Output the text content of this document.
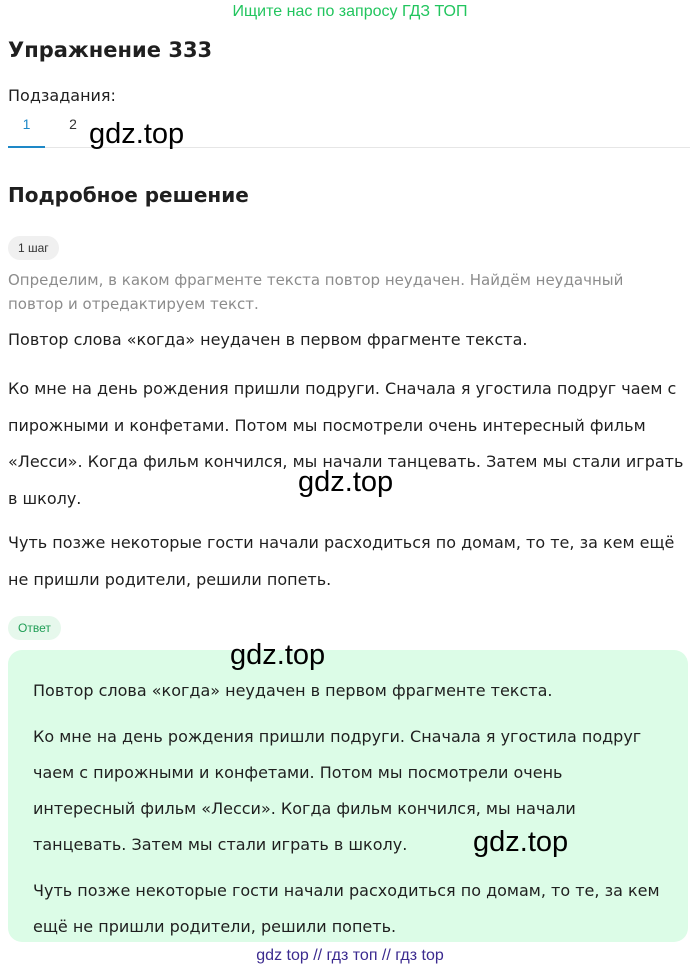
Ищите нас по запросу ГДЗ ТОП
Упражнение 333
Подзадания:
1	2 gdz.top
Подробное решение
1 шаг

Определим, в каком фрагменте текста повтор неудачен. Найдём неудачный повтор и отредактируем текст.

Повтор слова «когда» неудачен в первом фрагменте текста.

Ко мне на день рождения пришли подруги. Сначала я угостила подруг чаем с пирожными и конфетами. Потом мы посмотрели очень интересный фильм «Лесси». Когда фильм кончился, мы начали танцевать. Затем мы стали играть в школу.

Чуть позже некоторые гости начали расходиться по домам, то те, за кем ещё не пришли родители, решили попеть.

gdz.top
Ответ
gdz.top

Повтор слова «когда» неудачен в первом фрагменте текста.

Ко мне на день рождения пришли подруги. Сначала я угостила подруг чаем с пирожными и конфетами. Потом мы посмотрели очень интересный фильм «Лесси». Когда фильм кончился, мы начали танцевать. Затем мы стали играть в школу.

Чуть позже некоторые гости начали расходиться по домам, то те, за кем ещё не пришли родители, решили попеть.

gdz.top
gdz top // гдз топ // гдз top
